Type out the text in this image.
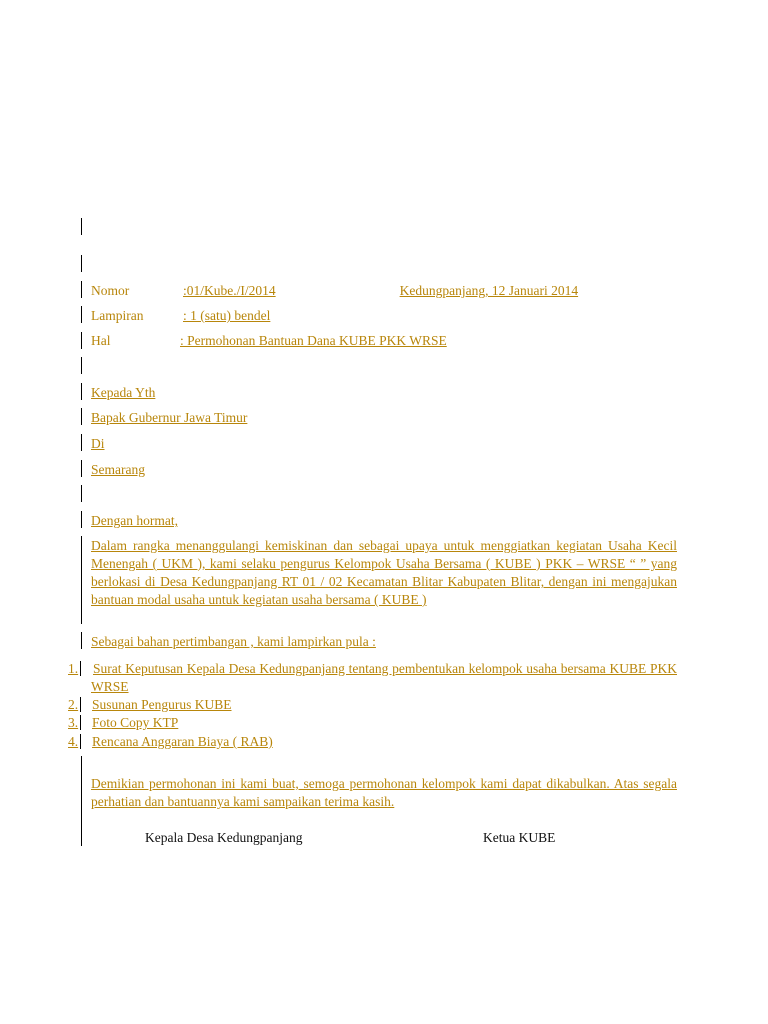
Nomor	:01/Kube./I/2014	Kedungpanjang, 12 Januari 2014
Lampiran	: 1 (satu) bendel
Hal	: Permohonan Bantuan Dana KUBE PKK WRSE
Kepada Yth
Bapak Gubernur Jawa Timur
Di
Semarang
Dengan hormat,
Dalam rangka menanggulangi kemiskinan dan sebagai upaya untuk menggiatkan kegiatan Usaha Kecil Menengah ( UKM ), kami selaku pengurus Kelompok Usaha Bersama ( KUBE ) PKK – WRSE “ ” yang berlokasi di Desa Kedungpanjang RT 01 / 02 Kecamatan Blitar Kabupaten Blitar, dengan ini mengajukan bantuan modal usaha untuk kegiatan usaha bersama ( KUBE )
Sebagai bahan pertimbangan , kami lampirkan pula :
1. Surat Keputusan Kepala Desa Kedungpanjang tentang pembentukan kelompok usaha bersama KUBE PKK WRSE
2. Susunan Pengurus KUBE
3. Foto Copy KTP
4. Rencana Anggaran Biaya ( RAB)
Demikian permohonan ini kami buat, semoga permohonan kelompok kami dapat dikabulkan. Atas segala perhatian dan bantuannya kami sampaikan terima kasih.
Kepala Desa Kedungpanjang	Ketua KUBE
